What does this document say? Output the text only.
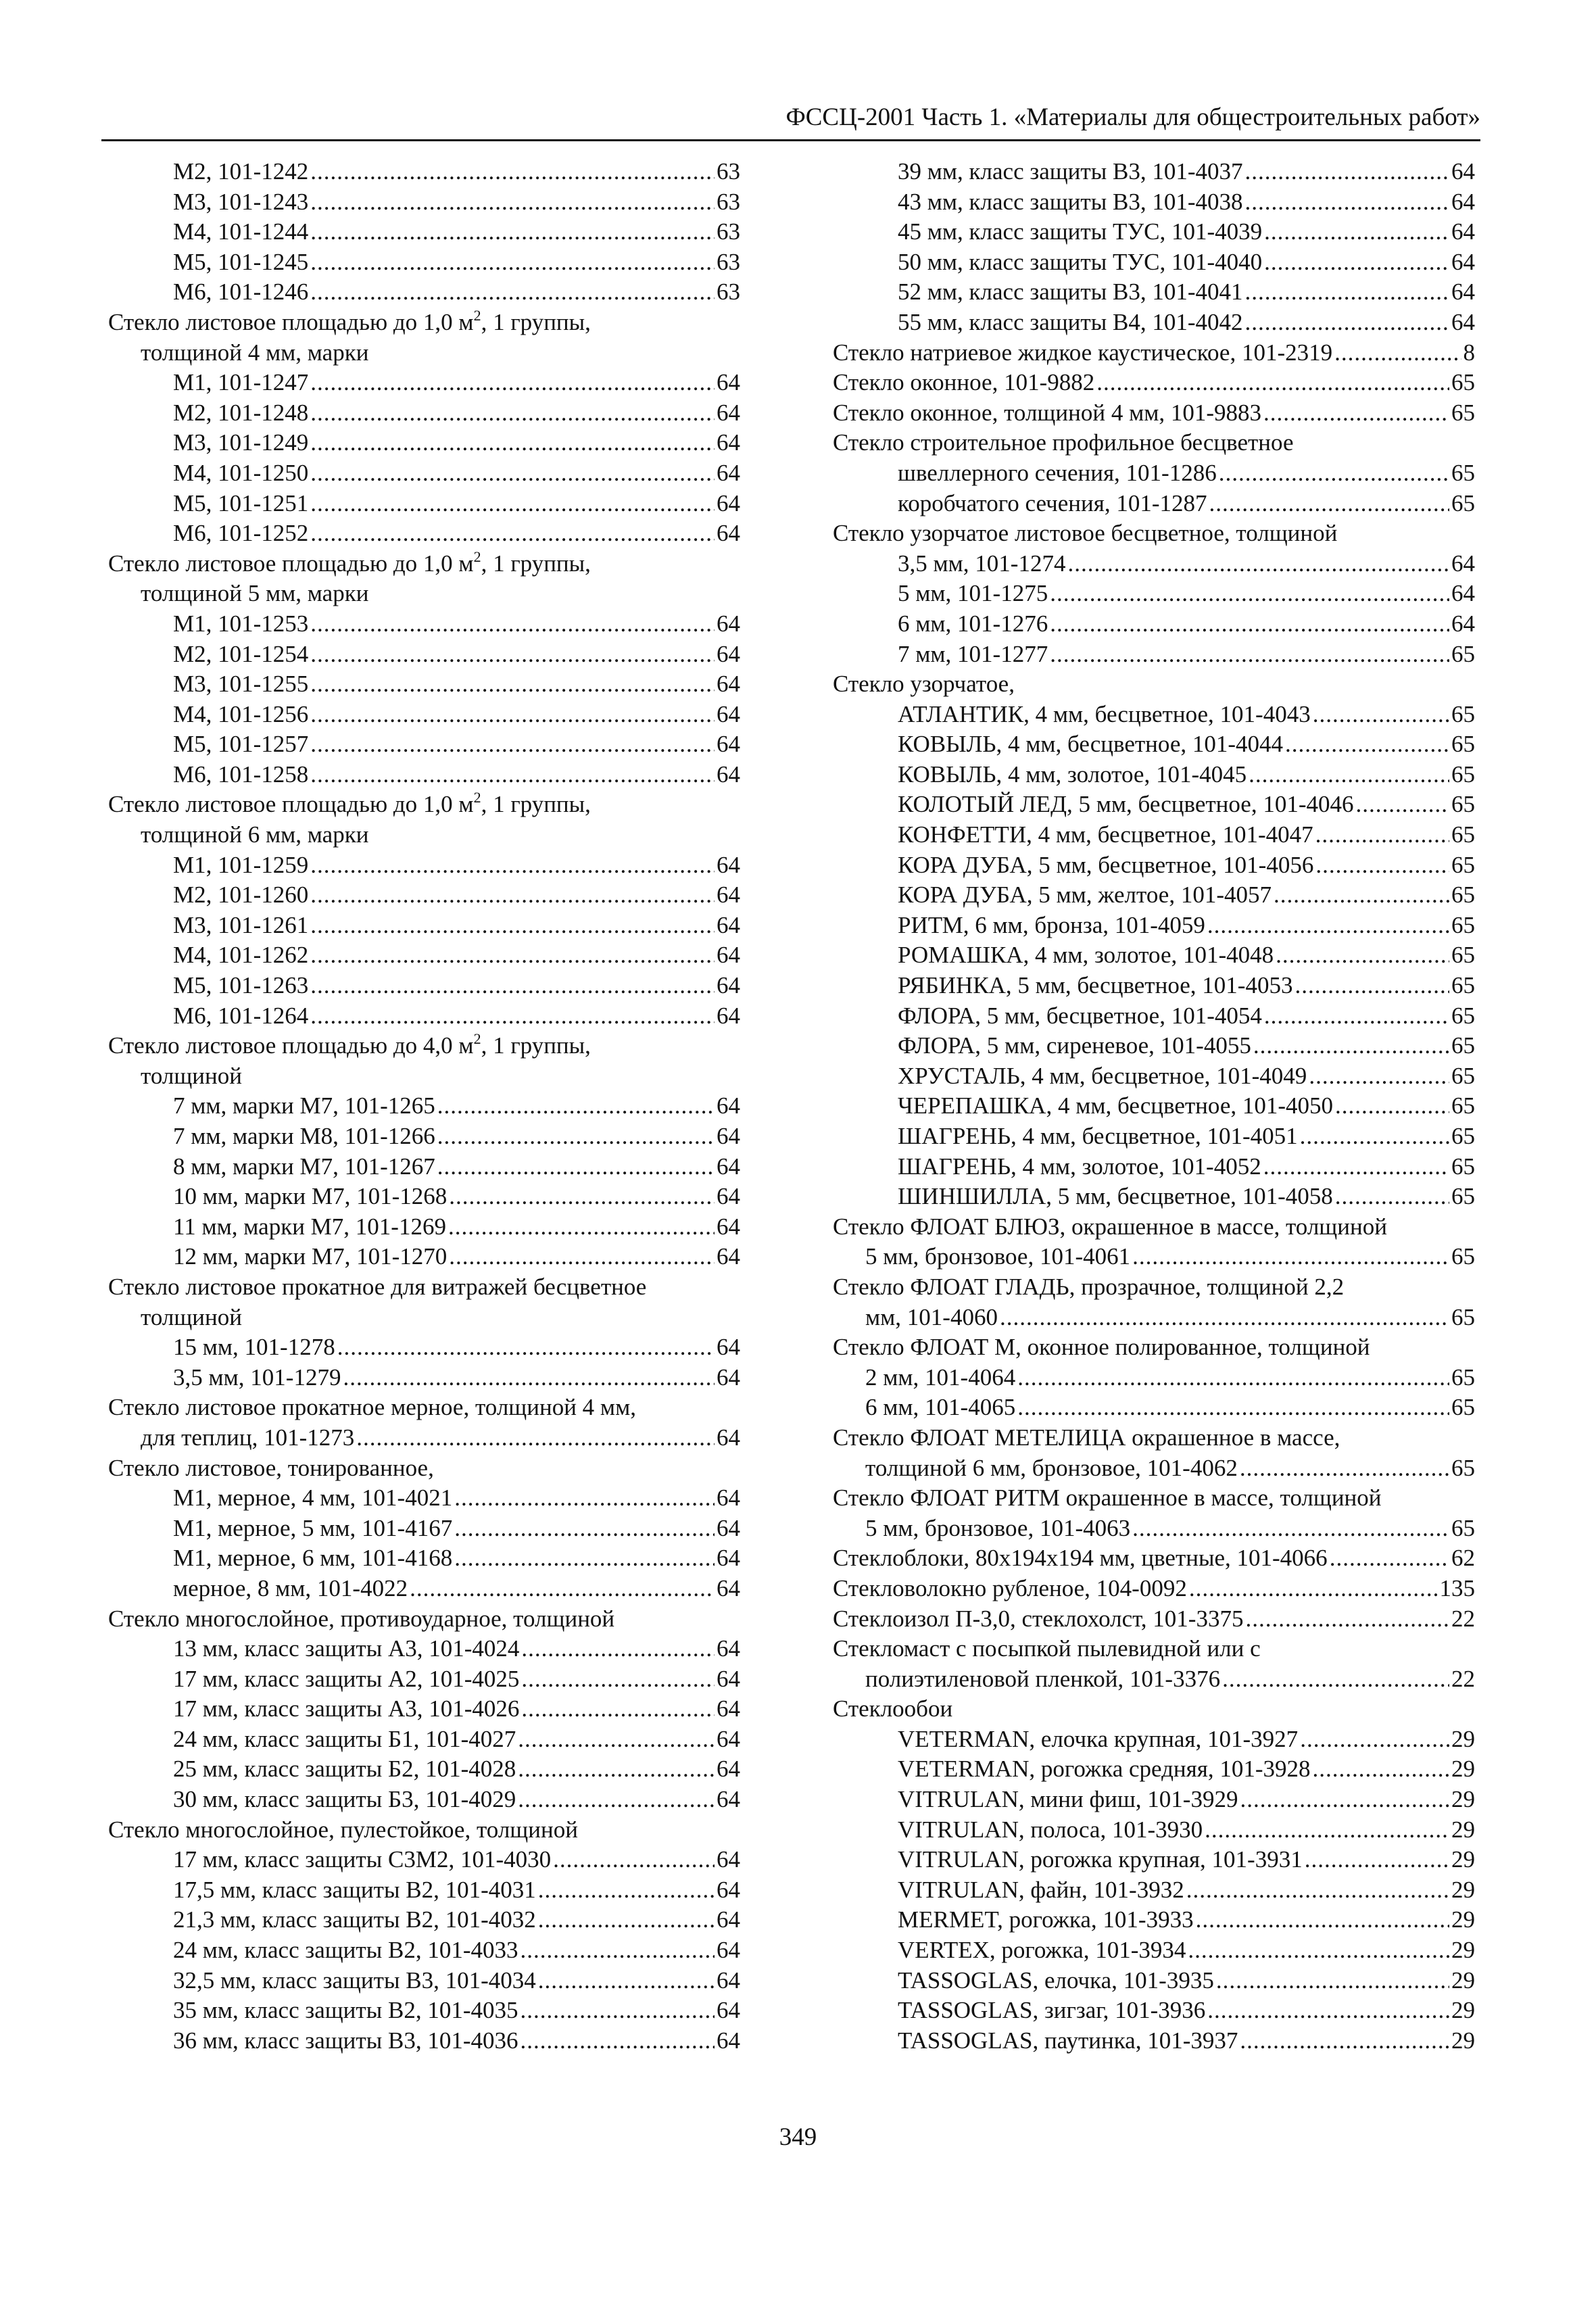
ФССЦ-2001 Часть 1. «Материалы для общестроительных работ»
М2, 101-1242 .....	63
М3, 101-1243 .....	63
М4, 101-1244 .....	63
М5, 101-1245 .....	63
М6, 101-1246 .....	63
Стекло листовое площадью до 1,0 $м^2$, 1 группы,
толщиной 4 мм, марки
М1, 101-1247 .....	64
М2, 101-1248 .....	64
М3, 101-1249 .....	64
М4, 101-1250 .....	64
М5, 101-1251 .....	64
М6, 101-1252 .....	64
Стекло листовое площадью до 1,0 $м^2$, 1 группы,
толщиной 5 мм, марки
М1, 101-1253 .....	64
М2, 101-1254 .....	64
М3, 101-1255 .....	64
М4, 101-1256 .....	64
М5, 101-1257 .....	64
М6, 101-1258 .....	64
Стекло листовое площадью до 1,0 $м^2$, 1 группы,
толщиной 6 мм, марки
М1, 101-1259 .....	64
М2, 101-1260 .....	64
М3, 101-1261 .....	64
М4, 101-1262 .....	64
М5, 101-1263 .....	64
М6, 101-1264 .....	64
Стекло листовое площадью до 4,0 $м^2$, 1 группы,
толщиной
7 мм, марки М7, 101-1265 .....	64
7 мм, марки М8, 101-1266 .....	64
8 мм, марки М7, 101-1267 .....	64
10 мм, марки М7, 101-1268 .....	64
11 мм, марки М7, 101-1269 .....	64
12 мм, марки М7, 101-1270 .....	64
Стекло листовое прокатное для витражей бесцветное
толщиной
15 мм, 101-1278 .....	64
3,5 мм, 101-1279 .....	64
Стекло листовое прокатное мерное, толщиной 4 мм,
для теплиц, 101-1273 .....	64
Стекло листовое, тонированное,
М1, мерное, 4 мм, 101-4021 .....	64
М1, мерное, 5 мм, 101-4167 .....	64
М1, мерное, 6 мм, 101-4168 .....	64
мерное, 8 мм, 101-4022 .....	64
Стекло многослойное, противоударное, толщиной
13 мм, класс защиты А3, 101-4024 .....	64
17 мм, класс защиты А2, 101-4025 .....	64
17 мм, класс защиты А3, 101-4026 .....	64
24 мм, класс защиты Б1, 101-4027 .....	64
25 мм, класс защиты Б2, 101-4028 .....	64
30 мм, класс защиты Б3, 101-4029 .....	64
Стекло многослойное, пулестойкое, толщиной
17 мм, класс защиты С3М2, 101-4030 .....	64
17,5 мм, класс защиты В2, 101-4031 .....	64
21,3 мм, класс защиты В2, 101-4032 .....	64
24 мм, класс защиты В2, 101-4033 .....	64
32,5 мм, класс защиты В3, 101-4034 .....	64
35 мм, класс защиты В2, 101-4035 .....	64
36 мм, класс защиты В3, 101-4036 .....	64
39 мм, класс защиты В3, 101-4037 .....	64
43 мм, класс защиты В3, 101-4038 .....	64
45 мм, класс защиты ТУС, 101-4039 .....	64
50 мм, класс защиты ТУС, 101-4040 .....	64
52 мм, класс защиты В3, 101-4041 .....	64
55 мм, класс защиты В4, 101-4042 .....	64
Стекло натриевое жидкое каустическое, 101-2319 .....	8
Стекло оконное, 101-9882 .....	65
Стекло оконное, толщиной 4 мм, 101-9883 .....	65
Стекло строительное профильное бесцветное
швеллерного сечения, 101-1286 .....	65
коробчатого сечения, 101-1287 .....	65
Стекло узорчатое листовое бесцветное, толщиной
3,5 мм, 101-1274 .....	64
5 мм, 101-1275 .....	64
6 мм, 101-1276 .....	64
7 мм, 101-1277 .....	65
Стекло узорчатое,
АТЛАНТИК, 4 мм, бесцветное, 101-4043 .....	65
КОВЫЛЬ, 4 мм, бесцветное, 101-4044 .....	65
КОВЫЛЬ, 4 мм, золотое, 101-4045 .....	65
КОЛОТЫЙ ЛЕД, 5 мм, бесцветное, 101-4046 .....	65
КОНФЕТТИ, 4 мм, бесцветное, 101-4047 .....	65
КОРА ДУБА, 5 мм, бесцветное, 101-4056 .....	65
КОРА ДУБА, 5 мм, желтое, 101-4057 .....	65
РИТМ, 6 мм, бронза, 101-4059 .....	65
РОМАШКА, 4 мм, золотое, 101-4048 .....	65
РЯБИНКА, 5 мм, бесцветное, 101-4053 .....	65
ФЛОРА, 5 мм, бесцветное, 101-4054 .....	65
ФЛОРА, 5 мм, сиреневое, 101-4055 .....	65
ХРУСТАЛЬ, 4 мм, бесцветное, 101-4049 .....	65
ЧЕРЕПАШКА, 4 мм, бесцветное, 101-4050 .....	65
ШАГРЕНЬ, 4 мм, бесцветное, 101-4051 .....	65
ШАГРЕНЬ, 4 мм, золотое, 101-4052 .....	65
ШИНШИЛЛА, 5 мм, бесцветное, 101-4058 .....	65
Стекло ФЛОАТ БЛЮЗ, окрашенное в массе, толщиной
5 мм, бронзовое, 101-4061 .....	65
Стекло ФЛОАТ ГЛАДЬ, прозрачное, толщиной 2,2
мм, 101-4060 .....	65
Стекло ФЛОАТ М, оконное полированное, толщиной
2 мм, 101-4064 .....	65
6 мм, 101-4065 .....	65
Стекло ФЛОАТ МЕТЕЛИЦА окрашенное в массе,
толщиной 6 мм, бронзовое, 101-4062 .....	65
Стекло ФЛОАТ РИТМ окрашенное в массе, толщиной
5 мм, бронзовое, 101-4063 .....	65
Стеклоблоки, 80х194х194 мм, цветные, 101-4066 .....	62
Стекловолокно рубленое, 104-0092 .....	135
Стеклоизол П-3,0, стеклохолст, 101-3375 .....	22
Стекломаст с посыпкой пылевидной или с
полиэтиленовой пленкой, 101-3376 .....	22
Стеклообои
VETERMAN, елочка крупная, 101-3927 .....	29
VETERMAN, рогожка средняя, 101-3928 .....	29
VITRULAN, мини фиш, 101-3929 .....	29
VITRULAN, полоса, 101-3930 .....	29
VITRULAN, рогожка крупная, 101-3931 .....	29
VITRULAN, файн, 101-3932 .....	29
MERMET, рогожка, 101-3933 .....	29
VERTEX, рогожка, 101-3934 .....	29
TASSOGLAS, елочка, 101-3935 .....	29
TASSOGLAS, зигзаг, 101-3936 .....	29
TASSOGLAS, паутинка, 101-3937 .....	29
349
